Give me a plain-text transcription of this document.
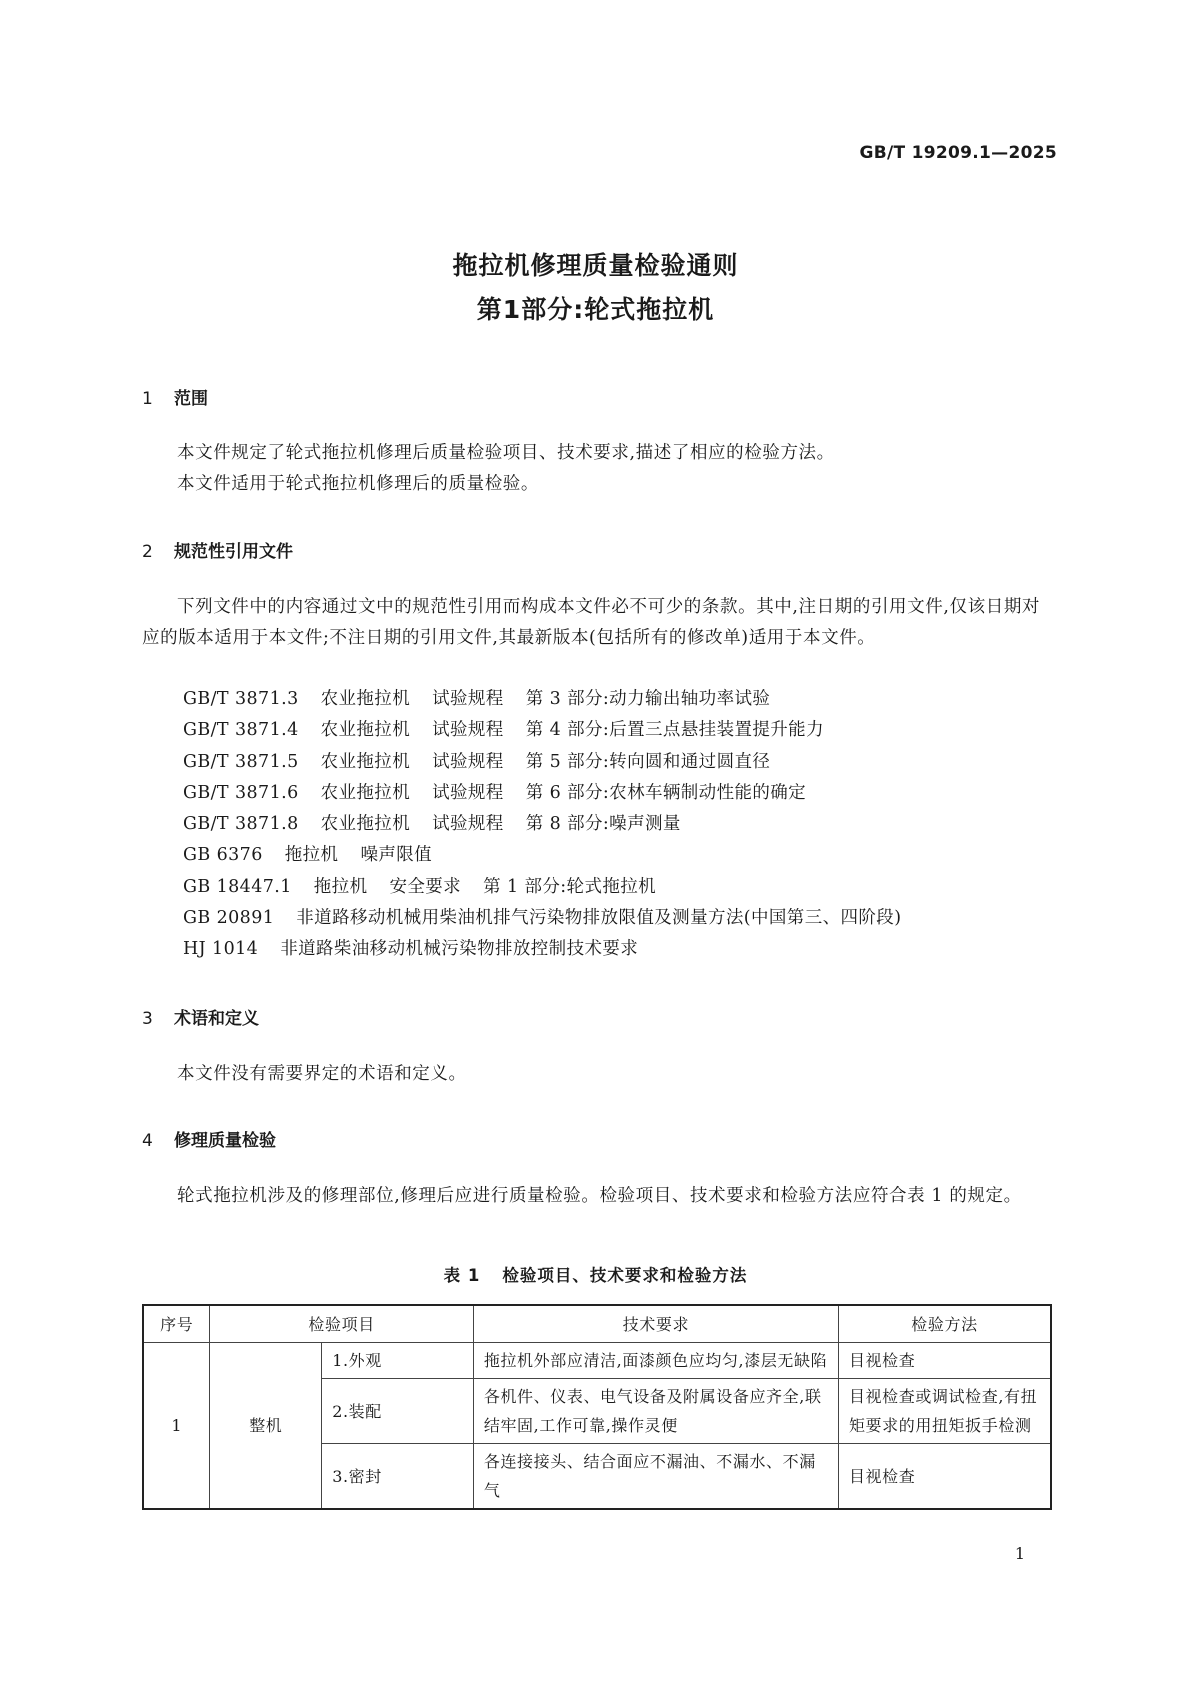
GB/T 19209.1—2025
拖拉机修理质量检验通则
第1部分:轮式拖拉机
1 范围
本文件规定了轮式拖拉机修理后质量检验项目、技术要求,描述了相应的检验方法。
本文件适用于轮式拖拉机修理后的质量检验。
2 规范性引用文件
下列文件中的内容通过文中的规范性引用而构成本文件必不可少的条款。其中,注日期的引用文件,仅该日期对应的版本适用于本文件;不注日期的引用文件,其最新版本(包括所有的修改单)适用于本文件。
GB/T 3871.3 农业拖拉机 试验规程 第 3 部分:动力输出轴功率试验
GB/T 3871.4 农业拖拉机 试验规程 第 4 部分:后置三点悬挂装置提升能力
GB/T 3871.5 农业拖拉机 试验规程 第 5 部分:转向圆和通过圆直径
GB/T 3871.6 农业拖拉机 试验规程 第 6 部分:农林车辆制动性能的确定
GB/T 3871.8 农业拖拉机 试验规程 第 8 部分:噪声测量
GB 6376 拖拉机 噪声限值
GB 18447.1 拖拉机 安全要求 第 1 部分:轮式拖拉机
GB 20891 非道路移动机械用柴油机排气污染物排放限值及测量方法(中国第三、四阶段)
HJ 1014 非道路柴油移动机械污染物排放控制技术要求
3 术语和定义
本文件没有需要界定的术语和定义。
4 修理质量检验
轮式拖拉机涉及的修理部位,修理后应进行质量检验。检验项目、技术要求和检验方法应符合表 1 的规定。
表 1 检验项目、技术要求和检验方法
序号	检验项目		技术要求	检验方法
1	整机	1.外观	拖拉机外部应清洁,面漆颜色应均匀,漆层无缺陷	目视检查
		2.装配	各机件、仪表、电气设备及附属设备应齐全,联结牢固,工作可靠,操作灵便	目视检查或调试检查,有扭矩要求的用扭矩扳手检测
		3.密封	各连接接头、结合面应不漏油、不漏水、不漏气	目视检查
1
